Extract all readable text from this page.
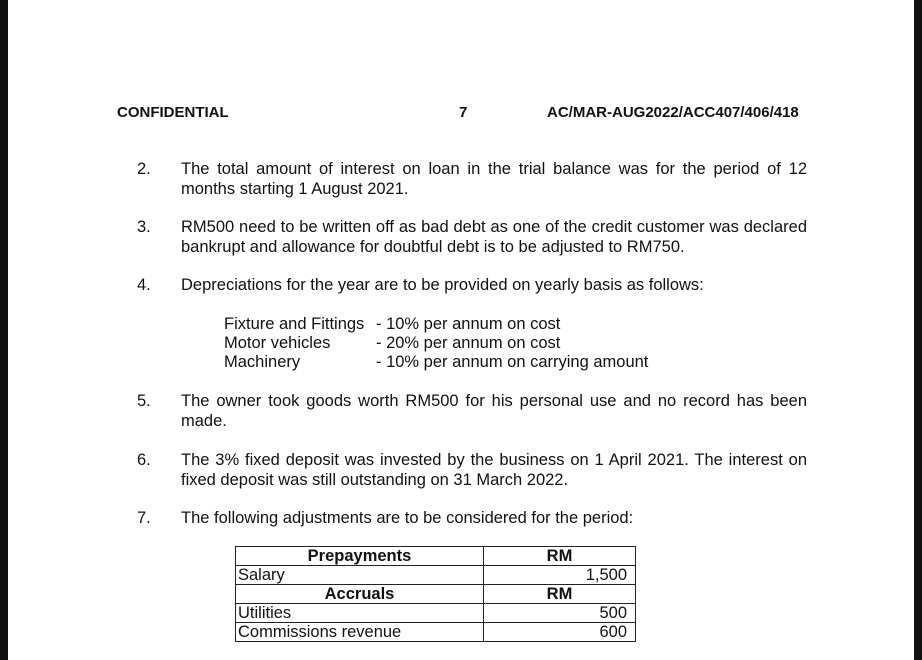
CONFIDENTIAL	7	AC/MAR-AUG2022/ACC407/406/418
2. The total amount of interest on loan in the trial balance was for the period of 12 months starting 1 August 2021.
3. RM500 need to be written off as bad debt as one of the credit customer was declared bankrupt and allowance for doubtful debt is to be adjusted to RM750.
4. Depreciations for the year are to be provided on yearly basis as follows:
Fixture and Fittings - 10% per annum on cost
Motor vehicles	- 20% per annum on cost
Machinery	- 10% per annum on carrying amount
5. The owner took goods worth RM500 for his personal use and no record has been made.
6. The 3% fixed deposit was invested by the business on 1 April 2021. The interest on fixed deposit was still outstanding on 31 March 2022.
7. The following adjustments are to be considered for the period:
Prepayments	RM
Salary	1,500
Accruals	RM
Utilities	500
Commissions revenue	600
